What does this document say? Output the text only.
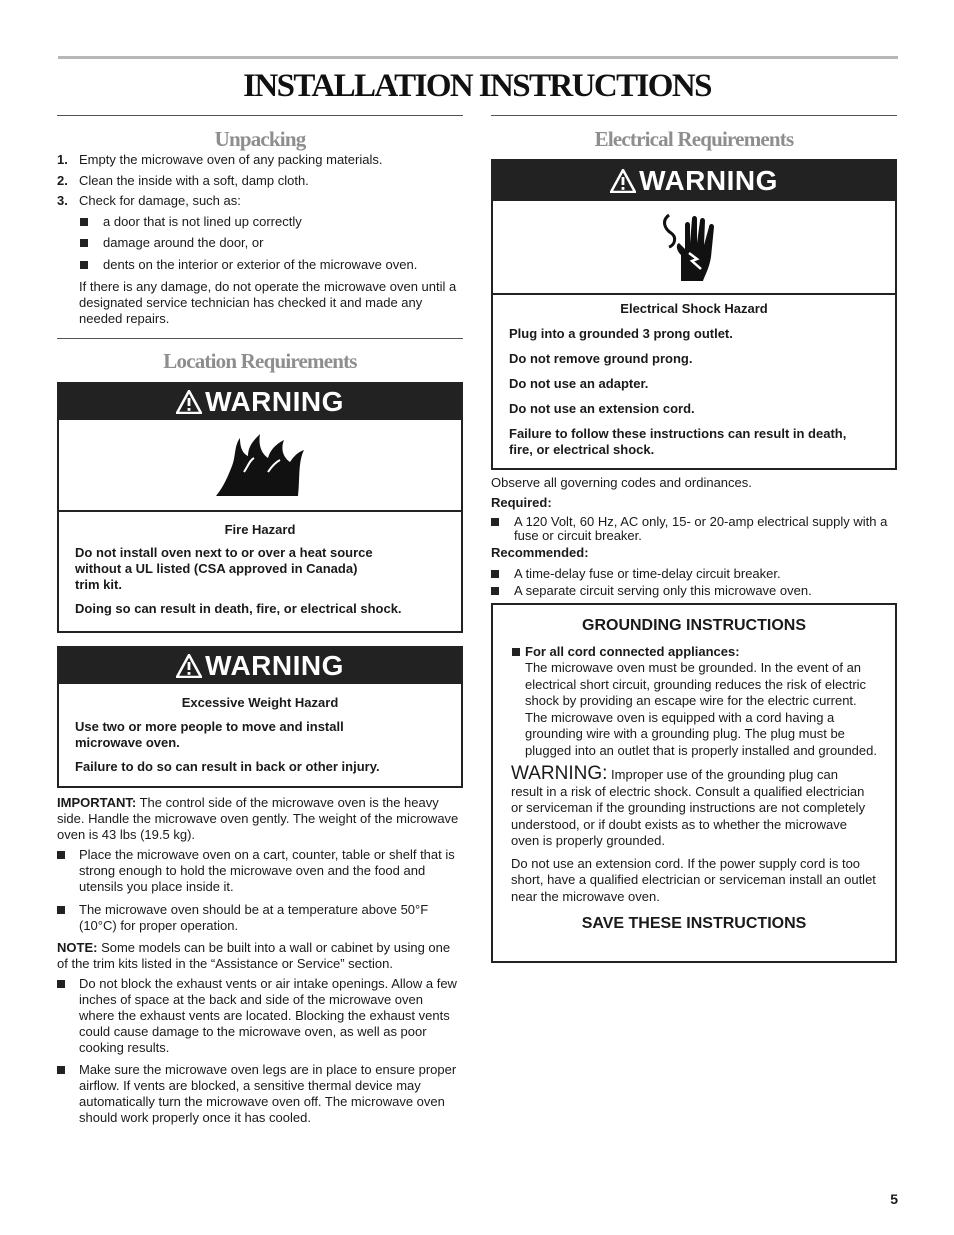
INSTALLATION INSTRUCTIONS
Unpacking
1. Empty the microwave oven of any packing materials.
2. Clean the inside with a soft, damp cloth.
3. Check for damage, such as:
a door that is not lined up correctly
damage around the door, or
dents on the interior or exterior of the microwave oven.
If there is any damage, do not operate the microwave oven until a designated service technician has checked it and made any needed repairs.
Location Requirements
WARNING
Fire Hazard
Do not install oven next to or over a heat source without a UL listed (CSA approved in Canada) trim kit.
Doing so can result in death, fire, or electrical shock.
WARNING
Excessive Weight Hazard
Use two or more people to move and install microwave oven.
Failure to do so can result in back or other injury.
IMPORTANT: The control side of the microwave oven is the heavy side. Handle the microwave oven gently. The weight of the microwave oven is 43 lbs (19.5 kg).
Place the microwave oven on a cart, counter, table or shelf that is strong enough to hold the microwave oven and the food and utensils you place inside it.
The microwave oven should be at a temperature above 50°F (10°C) for proper operation.
NOTE: Some models can be built into a wall or cabinet by using one of the trim kits listed in the “Assistance or Service” section.
Do not block the exhaust vents or air intake openings. Allow a few inches of space at the back and side of the microwave oven where the exhaust vents are located. Blocking the exhaust vents could cause damage to the microwave oven, as well as poor cooking results.
Make sure the microwave oven legs are in place to ensure proper airflow. If vents are blocked, a sensitive thermal device may automatically turn the microwave oven off. The microwave oven should work properly once it has cooled.
Electrical Requirements
WARNING
Electrical Shock Hazard
Plug into a grounded 3 prong outlet.
Do not remove ground prong.
Do not use an adapter.
Do not use an extension cord.
Failure to follow these instructions can result in death, fire, or electrical shock.
Observe all governing codes and ordinances.
Required:
A 120 Volt, 60 Hz, AC only, 15- or 20-amp electrical supply with a fuse or circuit breaker.
Recommended:
A time-delay fuse or time-delay circuit breaker.
A separate circuit serving only this microwave oven.
GROUNDING INSTRUCTIONS
For all cord connected appliances:
The microwave oven must be grounded. In the event of an electrical short circuit, grounding reduces the risk of electric shock by providing an escape wire for the electric current. The microwave oven is equipped with a cord having a grounding wire with a grounding plug. The plug must be plugged into an outlet that is properly installed and grounded.
WARNING: Improper use of the grounding plug can result in a risk of electric shock. Consult a qualified electrician or serviceman if the grounding instructions are not completely understood, or if doubt exists as to whether the microwave oven is properly grounded.
Do not use an extension cord. If the power supply cord is too short, have a qualified electrician or serviceman install an outlet near the microwave oven.
SAVE THESE INSTRUCTIONS
5
